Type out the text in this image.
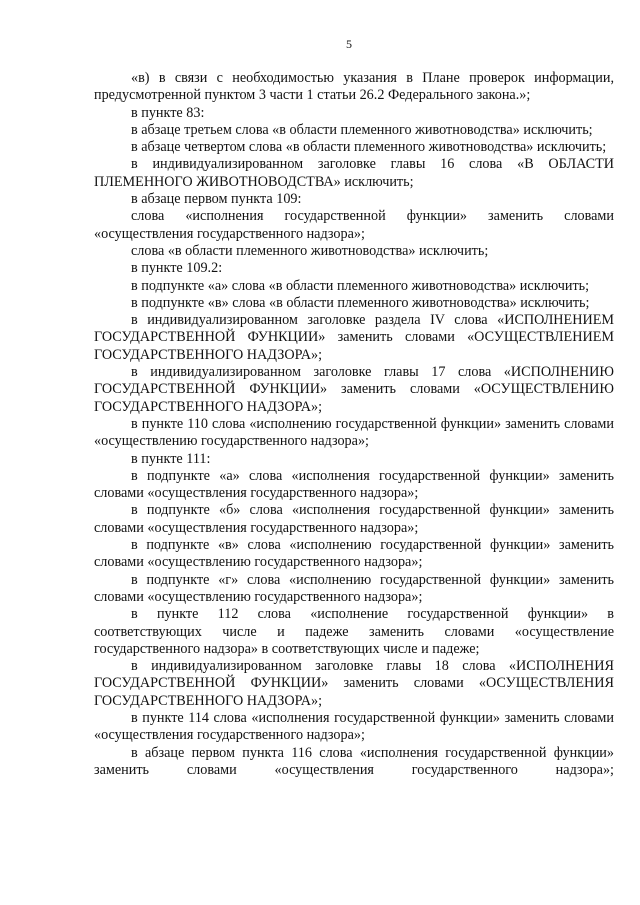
5

«в) в связи с необходимостью указания в Плане проверок информации, предусмотренной пунктом 3 части 1 статьи 26.2 Федерального закона.»;

в пункте 83:

в абзаце третьем слова «в области племенного животноводства» исключить;

в абзаце четвертом слова «в области племенного животноводства» исключить;

в индивидуализированном заголовке главы 16 слова «В ОБЛАСТИ ПЛЕМЕННОГО ЖИВОТНОВОДСТВА» исключить;

в абзаце первом пункта 109:

слова «исполнения государственной функции» заменить словами «осуществления государственного надзора»;

слова «в области племенного животноводства» исключить;

в пункте 109.2:

в подпункте «а» слова «в области племенного животноводства» исключить;

в подпункте «в» слова «в области племенного животноводства» исключить;

в индивидуализированном заголовке раздела IV слова «ИСПОЛНЕНИЕМ ГОСУДАРСТВЕННОЙ ФУНКЦИИ» заменить словами «ОСУЩЕСТВЛЕНИЕМ ГОСУДАРСТВЕННОГО НАДЗОРА»;

в индивидуализированном заголовке главы 17 слова «ИСПОЛНЕНИЮ ГОСУДАРСТВЕННОЙ ФУНКЦИИ» заменить словами «ОСУЩЕСТВЛЕНИЮ ГОСУДАРСТВЕННОГО НАДЗОРА»;

в пункте 110 слова «исполнению государственной функции» заменить словами «осуществлению государственного надзора»;

в пункте 111:

в подпункте «а» слова «исполнения государственной функции» заменить словами «осуществления государственного надзора»;

в подпункте «б» слова «исполнения государственной функции» заменить словами «осуществления государственного надзора»;

в подпункте «в» слова «исполнению государственной функции» заменить словами «осуществлению государственного надзора»;

в подпункте «г» слова «исполнению государственной функции» заменить словами «осуществлению государственного надзора»;

в пункте 112 слова «исполнение государственной функции» в соответствующих числе и падеже заменить словами «осуществление государственного надзора» в соответствующих числе и падеже;

в индивидуализированном заголовке главы 18 слова «ИСПОЛНЕНИЯ ГОСУДАРСТВЕННОЙ ФУНКЦИИ» заменить словами «ОСУЩЕСТВЛЕНИЯ ГОСУДАРСТВЕННОГО НАДЗОРА»;

в пункте 114 слова «исполнения государственной функции» заменить словами «осуществления государственного надзора»;

в абзаце первом пункта 116 слова «исполнения государственной функции» заменить словами «осуществления государственного надзора»;
